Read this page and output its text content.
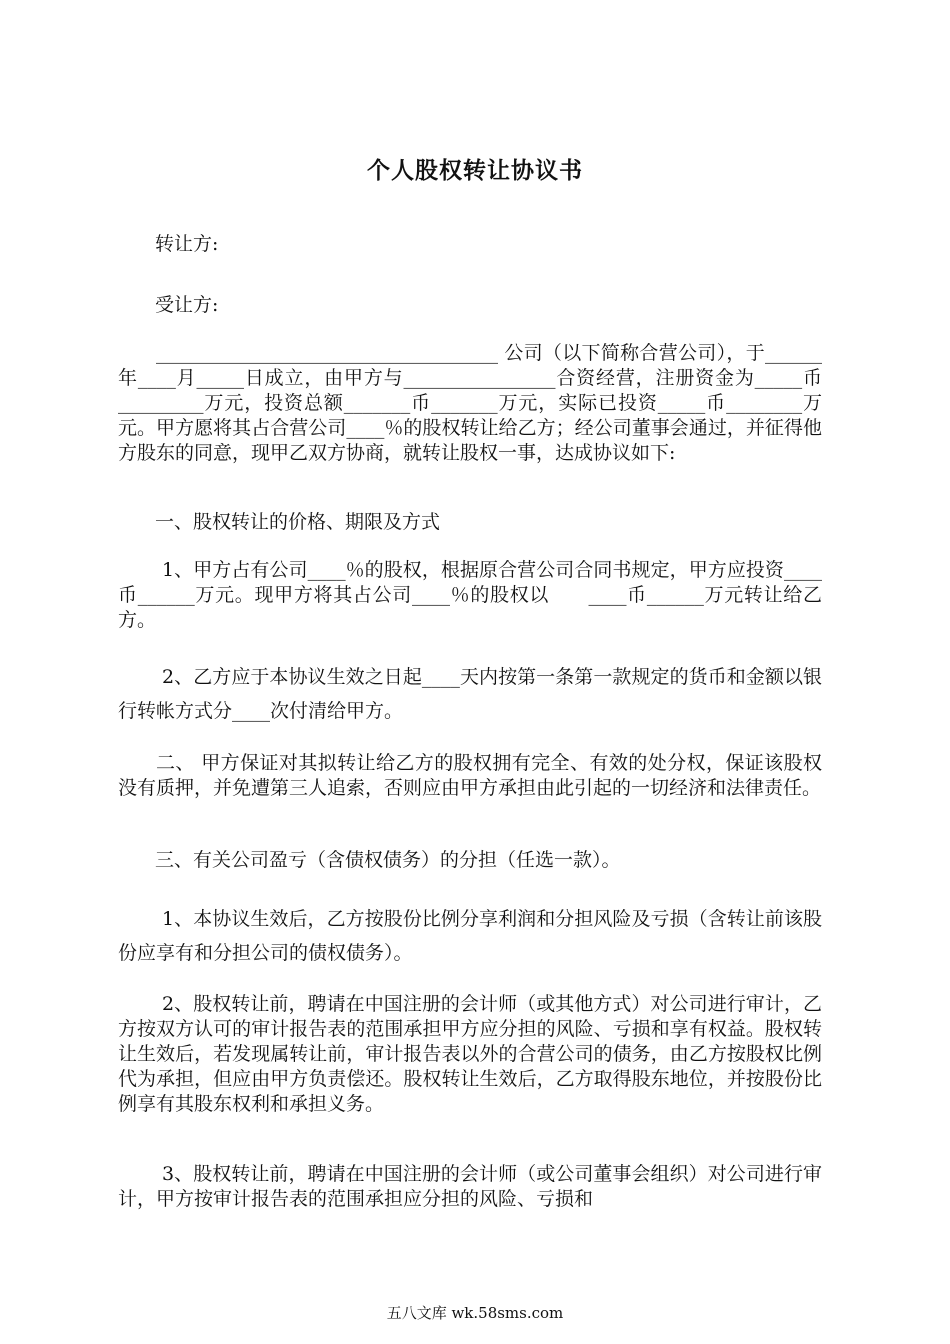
个人股权转让协议书
转让方:
受让方:
____________________________________ 公司（以下简称合营公司），于______年____月_____日成立，由甲方与________________合资经营，注册资金为_____币 _________万元，投资总额_______币_______万元，实际已投资_____币________万元。甲方愿将其占合营公司____％的股权转让给乙方；经公司董事会通过，并征得他方股东的同意，现甲乙双方协商，就转让股权一事，达成协议如下:
一、股权转让的价格、期限及方式
1、甲方占有公司____％的股权，根据原合营公司合同书规定，甲方应投资____币______万元。现甲方将其占公司____％的股权以　　____币______万元转让给乙方。
2、乙方应于本协议生效之日起____天内按第一条第一款规定的货币和金额以银行转帐方式分____次付清给甲方。
二、 甲方保证对其拟转让给乙方的股权拥有完全、有效的处分权，保证该股权没有质押，并免遭第三人追索，否则应由甲方承担由此引起的一切经济和法律责任。
三、有关公司盈亏（含债权债务）的分担（任选一款）。
1、本协议生效后，乙方按股份比例分享利润和分担风险及亏损（含转让前该股份应享有和分担公司的债权债务）。
2、股权转让前，聘请在中国注册的会计师（或其他方式）对公司进行审计，乙方按双方认可的审计报告表的范围承担甲方应分担的风险、亏损和享有权益。股权转让生效后，若发现属转让前，审计报告表以外的合营公司的债务，由乙方按股权比例代为承担，但应由甲方负责偿还。股权转让生效后，乙方取得股东地位，并按股份比例享有其股东权利和承担义务。
3、股权转让前，聘请在中国注册的会计师（或公司董事会组织）对公司进行审计，甲方按审计报告表的范围承担应分担的风险、亏损和
五八文库 wk.58sms.com
